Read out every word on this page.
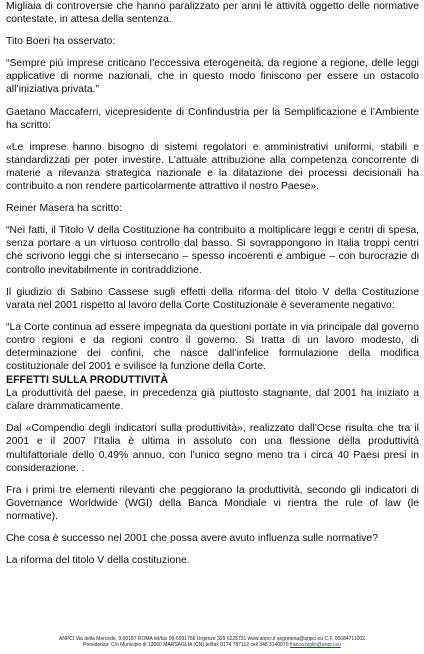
Migliaia di controversie che hanno paralizzato per anni le attività oggetto delle normative contestate, in attesa della sentenza.

Tito Boeri ha osservato:

“Sempre più imprese criticano l’eccessiva eterogeneità, da regione a regione, delle leggi applicative di norme nazionali, che in questo modo finiscono per essere un ostacolo all’iniziativa privata.”

Gaetano Maccaferri, vicepresidente di Confindustria per la Semplificazione e l’Ambiente ha scritto:

«Le imprese hanno bisogno di sistemi regolatori e amministrativi uniformi, stabili e standardizzati per poter investire. L’attuale attribuzione alla competenza concorrente di materie a rilevanza strategica nazionale e la dilatazione dei processi decisionali ha contribuito a non rendere particolarmente attrattivo il nostro Paese».

Reiner Masera ha scritto:

“Nei fatti, il Titolo V della Costituzione ha contribuito a moltiplicare leggi e centri di spesa, senza portare a un virtuoso controllo dal basso. Si sovrappongono in Italia troppi centri che scrivono leggi che si intersecano – spesso incoerenti e ambigue – con burocrazie di controllo inevitabilmente in contraddizione.

Il giudizio di Sabino Cassese sugli effetti della riforma del titolo V della Costituzione varata nel 2001 rispetto al lavoro della Corte Costituzionale è severamente negativo:

“La Corte continua ad essere impegnata da questioni portate in via principale dal governo contro regioni e da regioni contro il governo. Si tratta di un lavoro modesto, di determinazione dei confini, che nasce dall’infelice formulazione della modifica costituzionale del 2001 e svilisce la funzione della Corte.

EFFETTI SULLA PRODUTTIVITÀ

La produttività del paese, in precedenza già piuttosto stagnante, dal 2001 ha iniziato a calare drammaticamente.

Dal «Compendio degli indicatori sulla produttività», realizzato dall’Ocse risulta che tra il 2001 e il 2007 l’Italia è ultima in assoluto con una flessione della produttività multifattoriale dello 0,49% annuo, con l’unico segno meno tra i circa 40 Paesi presi in considerazione. .

Fra i primi tre elementi rilevanti che peggiorano la produttività, secondo gli indicatori di Governance Worldwide (WGI) della Banca Mondiale vi rientra the rule of law (le normative).

Che cosa è successo nel 2001 che possa avere avuto influenza sulle normative?

La riforma del titolo V della costituzione.

ANPCI Via della Mercede, 9 00187 ROMA tel/fax 06-6991756 Urgenze 329 6225731 www.anpci.it segreteria@anpci.eu C.F. 05684711002
Presidenza: C/o Municipio di 12060 MARSAGLIA (CN) tel/fax 0174 787112 cell 348 3140070 franca.biglio@anpci.eu
